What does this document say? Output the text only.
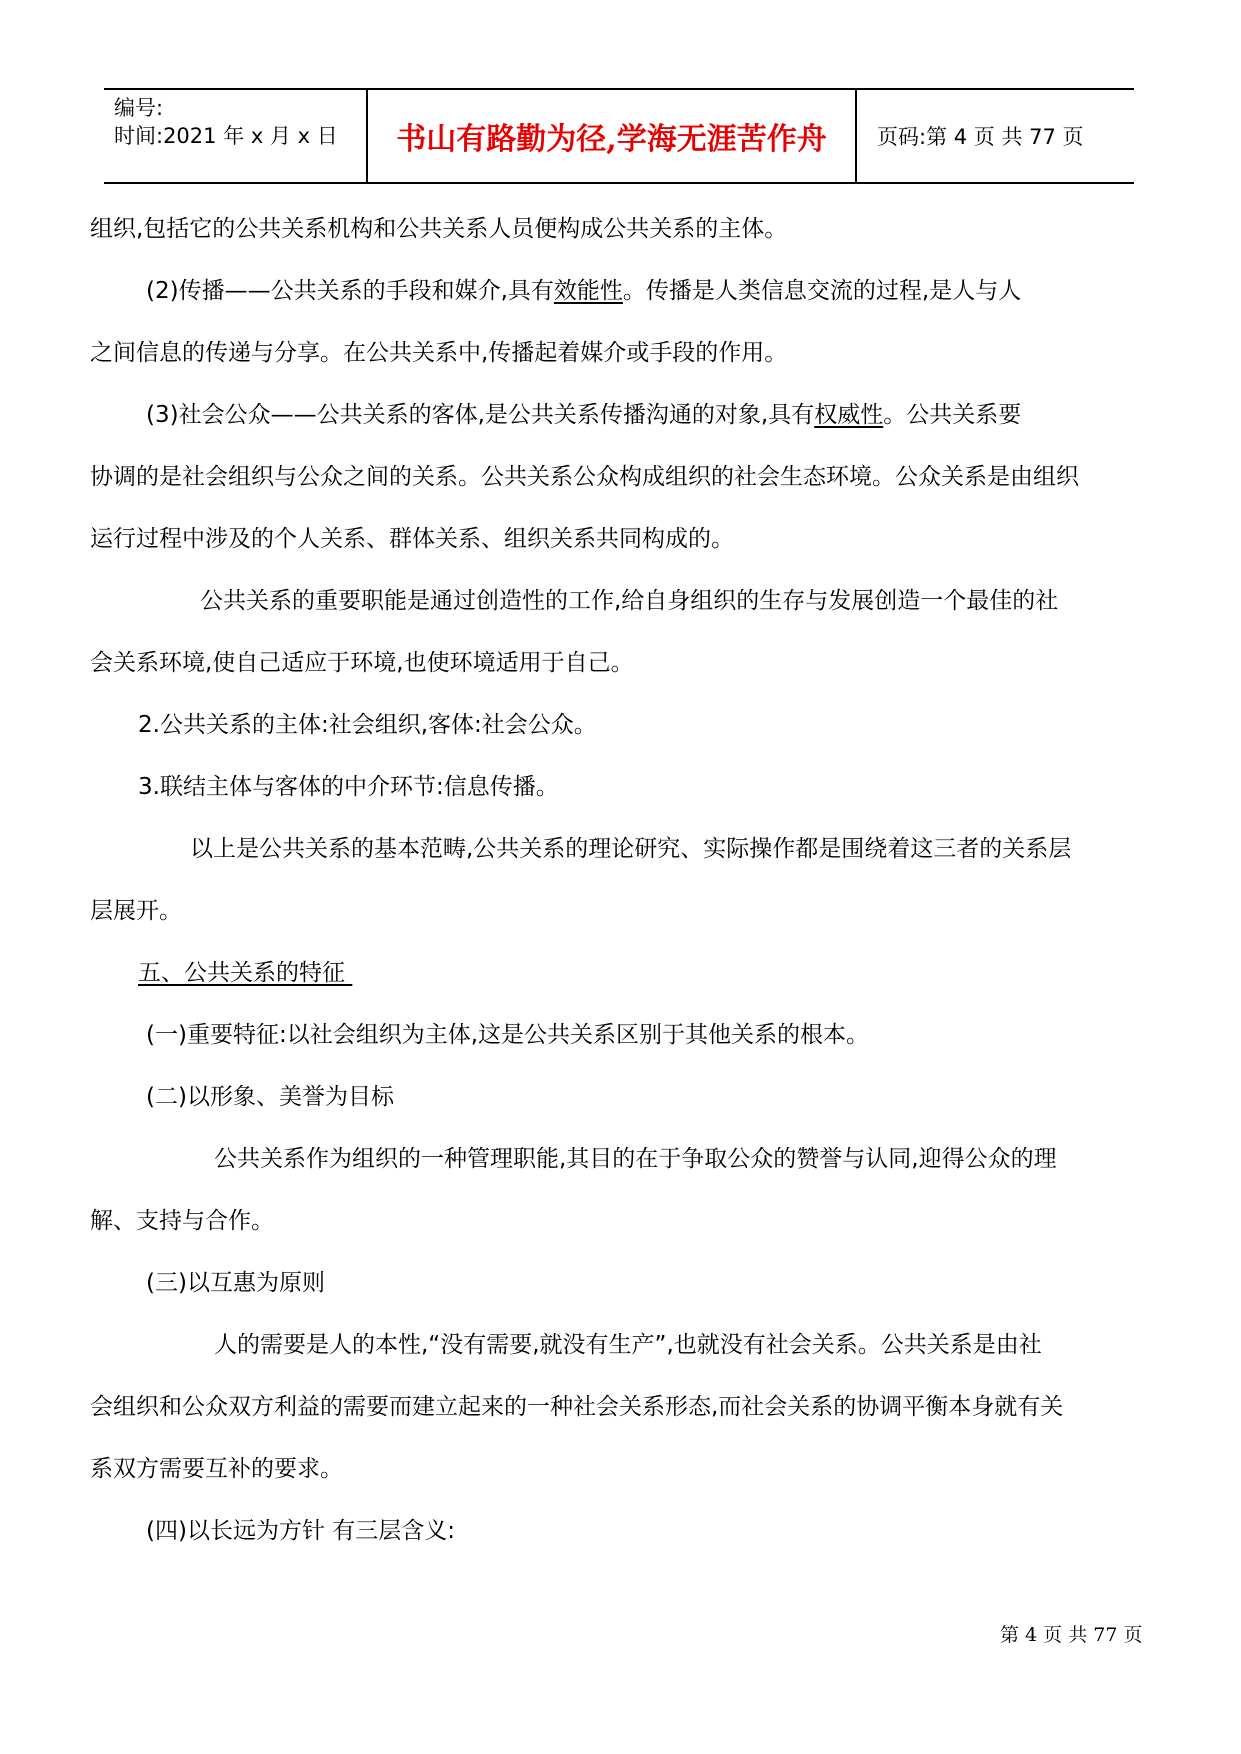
编号:
时间:2021 年 x 月 x 日	书山有路勤为径,学海无涯苦作舟	页码:第 4 页 共 77 页
组织,包括它的公共关系机构和公共关系人员便构成公共关系的主体。
(2)传播——公共关系的手段和媒介,具有效能性。传播是人类信息交流的过程,是人与人
之间信息的传递与分享。在公共关系中,传播起着媒介或手段的作用。
(3)社会公众——公共关系的客体,是公共关系传播沟通的对象,具有权威性。公共关系要
协调的是社会组织与公众之间的关系。公共关系公众构成组织的社会生态环境。公众关系是由组织
运行过程中涉及的个人关系、群体关系、组织关系共同构成的。
公共关系的重要职能是通过创造性的工作,给自身组织的生存与发展创造一个最佳的社
会关系环境,使自己适应于环境,也使环境适用于自己。
2.公共关系的主体:社会组织,客体:社会公众。
3.联结主体与客体的中介环节:信息传播。
以上是公共关系的基本范畴,公共关系的理论研究、实际操作都是围绕着这三者的关系层
层展开。
五、公共关系的特征
(一)重要特征:以社会组织为主体,这是公共关系区别于其他关系的根本。
(二)以形象、美誉为目标
公共关系作为组织的一种管理职能,其目的在于争取公众的赞誉与认同,迎得公众的理
解、支持与合作。
(三)以互惠为原则
人的需要是人的本性,“没有需要,就没有生产”,也就没有社会关系。公共关系是由社
会组织和公众双方利益的需要而建立起来的一种社会关系形态,而社会关系的协调平衡本身就有关
系双方需要互补的要求。
(四)以长远为方针 有三层含义:
第 4 页 共 77 页
